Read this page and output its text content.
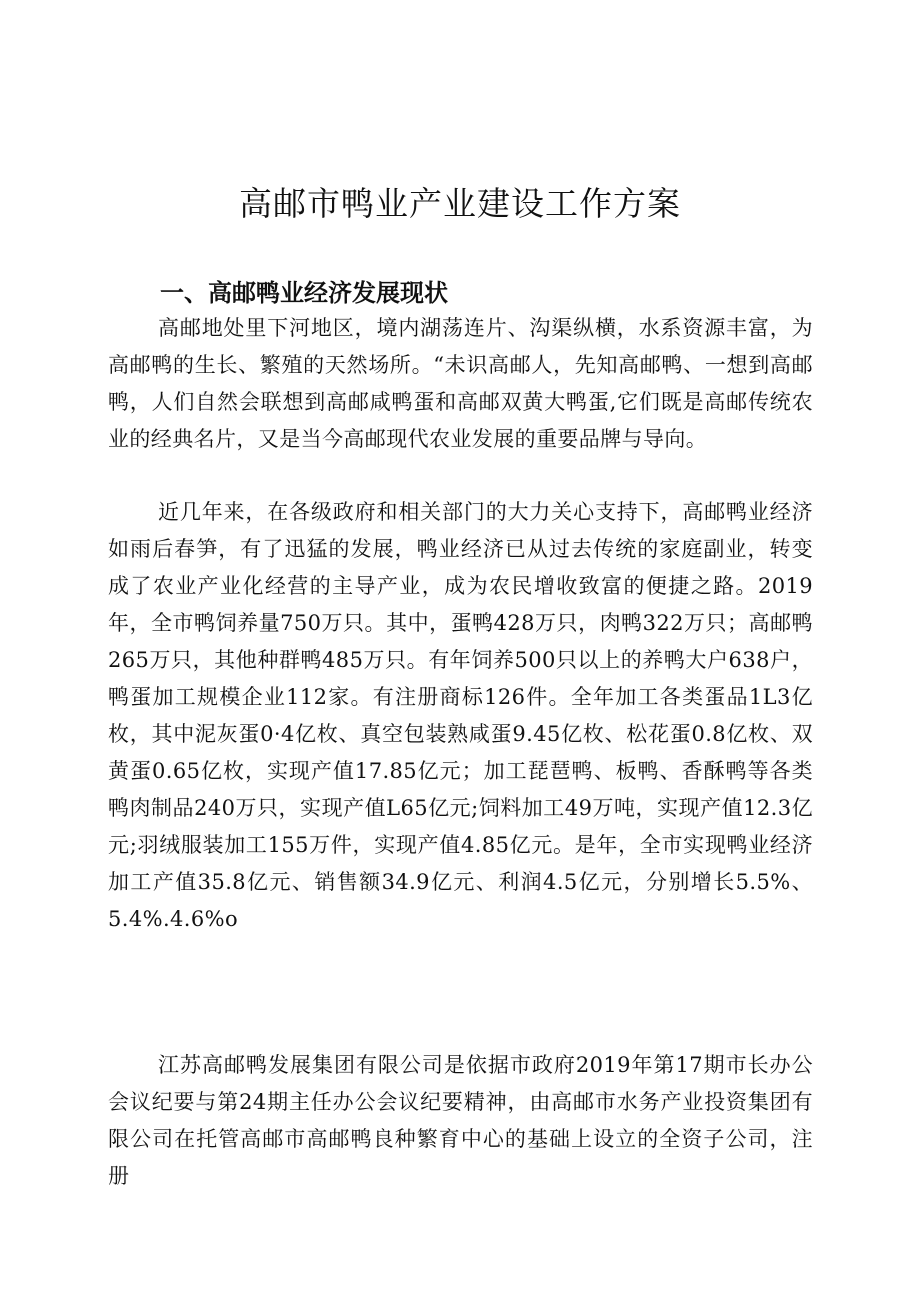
高邮市鸭业产业建设工作方案
一、高邮鸭业经济发展现状

高邮地处里下河地区，境内湖荡连片、沟渠纵横，水系资源丰富，为高邮鸭的生长、繁殖的天然场所。“未识高邮人，先知高邮鸭、一想到高邮鸭，人们自然会联想到高邮咸鸭蛋和高邮双黄大鸭蛋,它们既是高邮传统农业的经典名片，又是当今高邮现代农业发展的重要品牌与导向。

近几年来，在各级政府和相关部门的大力关心支持下，高邮鸭业经济如雨后春笋，有了迅猛的发展，鸭业经济已从过去传统的家庭副业，转变成了农业产业化经营的主导产业，成为农民增收致富的便捷之路。2019年，全市鸭饲养量750万只。其中，蛋鸭428万只，肉鸭322万只；高邮鸭265万只，其他种群鸭485万只。有年饲养500只以上的养鸭大户638户，鸭蛋加工规模企业112家。有注册商标126件。全年加工各类蛋品1L3亿枚，其中泥灰蛋0·4亿枚、真空包装熟咸蛋9.45亿枚、松花蛋0.8亿枚、双黄蛋0.65亿枚，实现产值17.85亿元；加工琵琶鸭、板鸭、香酥鸭等各类鸭肉制品240万只，实现产值L65亿元;饲料加工49万吨，实现产值12.3亿元;羽绒服装加工155万件，实现产值4.85亿元。是年，全市实现鸭业经济加工产值35.8亿元、销售额34.9亿元、利润4.5亿元，分别增长5.5%、5.4%.4.6%o

江苏高邮鸭发展集团有限公司是依据市政府2019年第17期市长办公会议纪要与第24期主任办公会议纪要精神，由高邮市水务产业投资集团有限公司在托管高邮市高邮鸭良种繁育中心的基础上设立的全资子公司，注册
